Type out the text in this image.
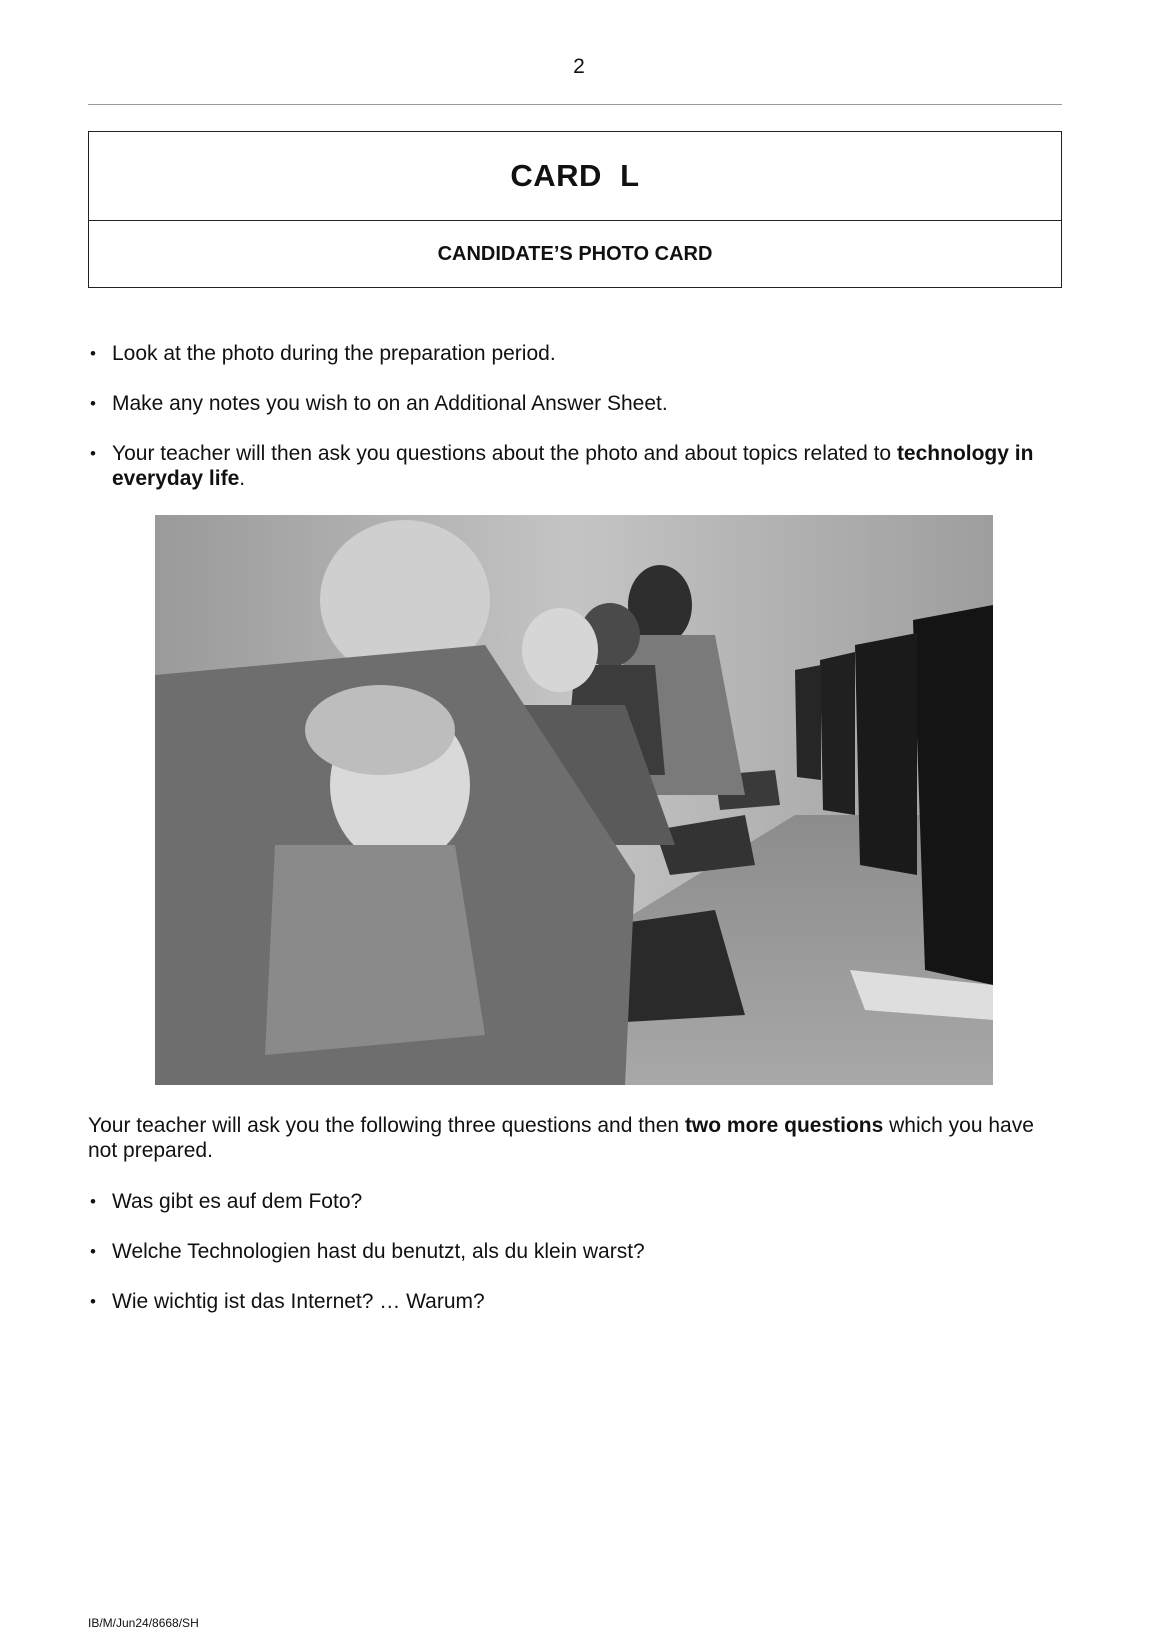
2
CARD  L
CANDIDATE’S PHOTO CARD
• Look at the photo during the preparation period.
• Make any notes you wish to on an Additional Answer Sheet.
• Your teacher will then ask you questions about the photo and about topics related to technology in everyday life.

Your teacher will ask you the following three questions and then two more questions which you have not prepared.

• Was gibt es auf dem Foto?
• Welche Technologien hast du benutzt, als du klein warst?
• Wie wichtig ist das Internet? … Warum?
IB/M/Jun24/8668/SH
